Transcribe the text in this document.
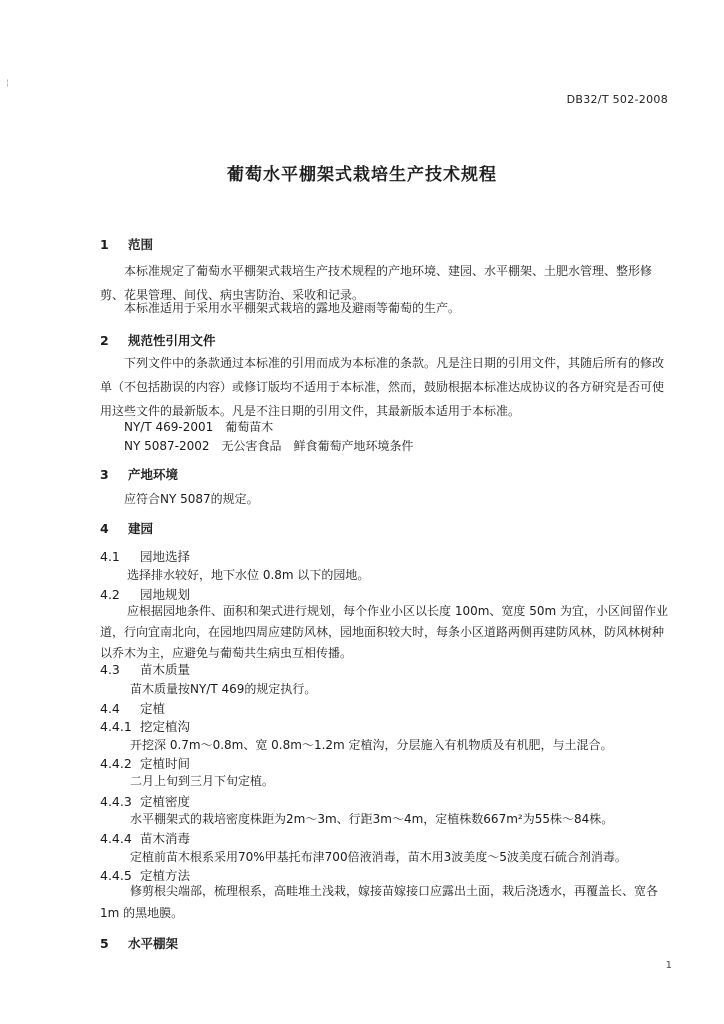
¦
DB32/T 502-2008
葡萄水平棚架式栽培生产技术规程
1 范围
本标准规定了葡萄水平棚架式栽培生产技术规程的产地环境、建园、水平棚架、土肥水管理、整形修剪、花果管理、间伐、病虫害防治、采收和记录。
本标准适用于采用水平棚架式栽培的露地及避雨等葡萄的生产。
2 规范性引用文件
下列文件中的条款通过本标准的引用而成为本标准的条款。凡是注日期的引用文件，其随后所有的修改单（不包括勘误的内容）或修订版均不适用于本标准，然而，鼓励根据本标准达成协议的各方研究是否可使用这些文件的最新版本。凡是不注日期的引用文件，其最新版本适用于本标准。
NY/T 469-2001　葡萄苗木
NY 5087-2002　无公害食品　鲜食葡萄产地环境条件
3 产地环境
应符合NY 5087的规定。
4 建园
4.1 园地选择
选择排水较好，地下水位 0.8m 以下的园地。
4.2 园地规划
应根据园地条件、面积和架式进行规划，每个作业小区以长度 100m、宽度 50m 为宜，小区间留作业道，行向宜南北向，在园地四周应建防风林，园地面积较大时，每条小区道路两侧再建防风林，防风林树种以乔木为主，应避免与葡萄共生病虫互相传播。
4.3 苗木质量
苗木质量按NY/T 469的规定执行。
4.4 定植
4.4.1 挖定植沟
开挖深 0.7m～0.8m、宽 0.8m～1.2m 定植沟，分层施入有机物质及有机肥，与土混合。
4.4.2 定植时间
二月上旬到三月下旬定植。
4.4.3 定植密度
水平棚架式的栽培密度株距为2m～3m、行距3m～4m，定植株数667m²为55株～84株。
4.4.4 苗木消毒
定植前苗木根系采用70%甲基托布津700倍液消毒，苗木用3波美度～5波美度石硫合剂消毒。
4.4.5 定植方法
修剪根尖端部，梳理根系，高畦堆土浅栽，嫁接苗嫁接口应露出土面，栽后浇透水，再覆盖长、宽各 1m 的黑地膜。
5 水平棚架
1
